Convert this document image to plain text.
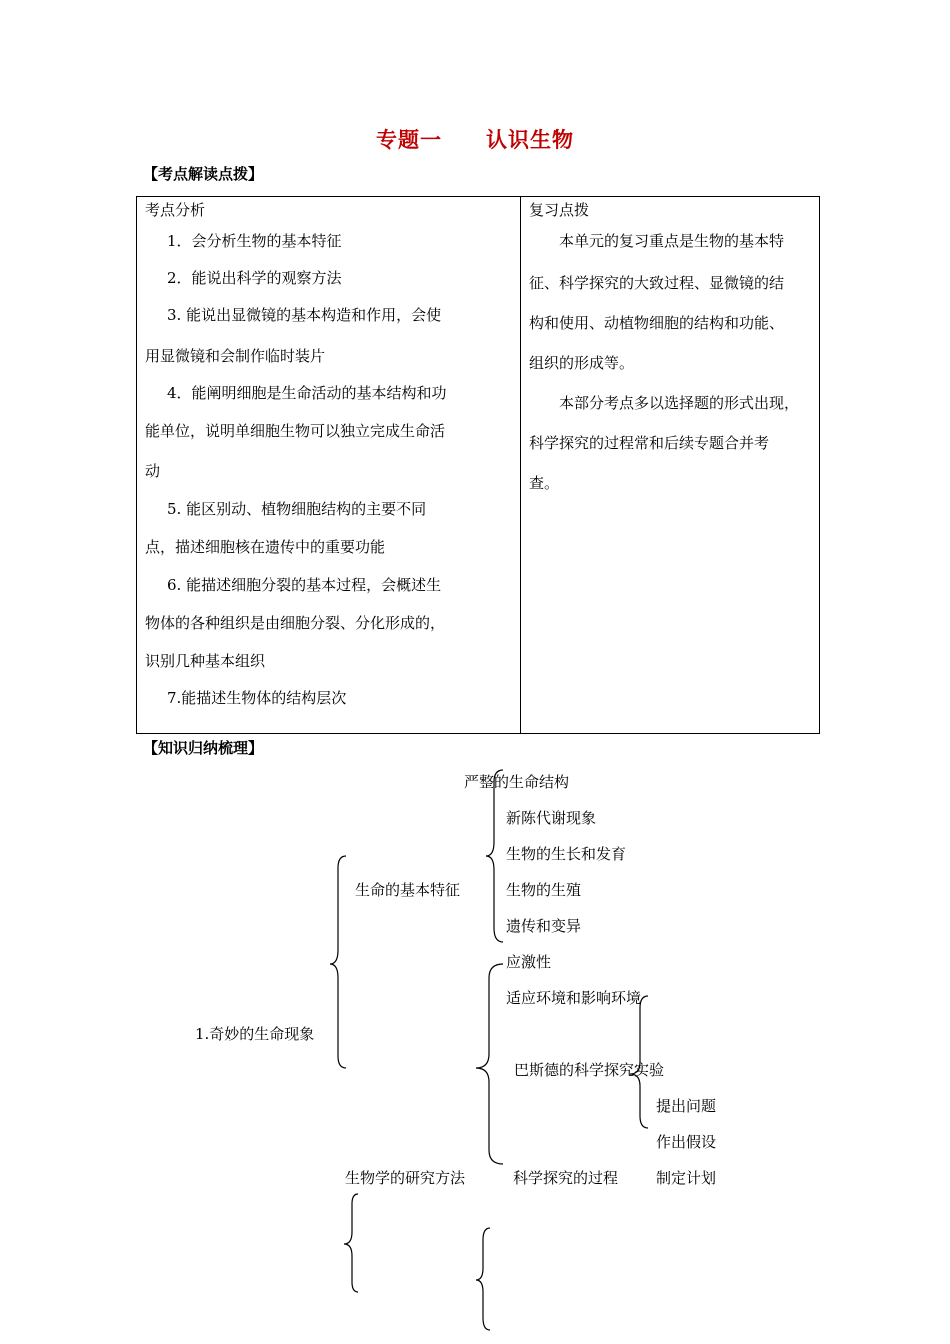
专题一 认识生物
【考点解读点拨】
考点分析
1．会分析生物的基本特征
2．能说出科学的观察方法
3. 能说出显微镜的基本构造和作用，会使
用显微镜和会制作临时装片
4．能阐明细胞是生命活动的基本结构和功
能单位，说明单细胞生物可以独立完成生命活
动
5. 能区别动、植物细胞结构的主要不同
点，描述细胞核在遗传中的重要功能
6. 能描述细胞分裂的基本过程，会概述生
物体的各种组织是由细胞分裂、分化形成的，
识别几种基本组织
7.能描述生物体的结构层次

复习点拨
本单元的复习重点是生物的基本特
征、科学探究的大致过程、显微镜的结
构和使用、动植物细胞的结构和功能、
组织的形成等。
本部分考点多以选择题的形式出现，
科学探究的过程常和后续专题合并考
查。
【知识归纳梳理】
严整的生命结构
新陈代谢现象
生物的生长和发育
生命的基本特征	生物的生殖
遗传和变异
应激性
适应环境和影响环境
1.奇妙的生命现象
巴斯德的科学探究实验
提出问题
作出假设
生物学的研究方法	科学探究的过程	制定计划
